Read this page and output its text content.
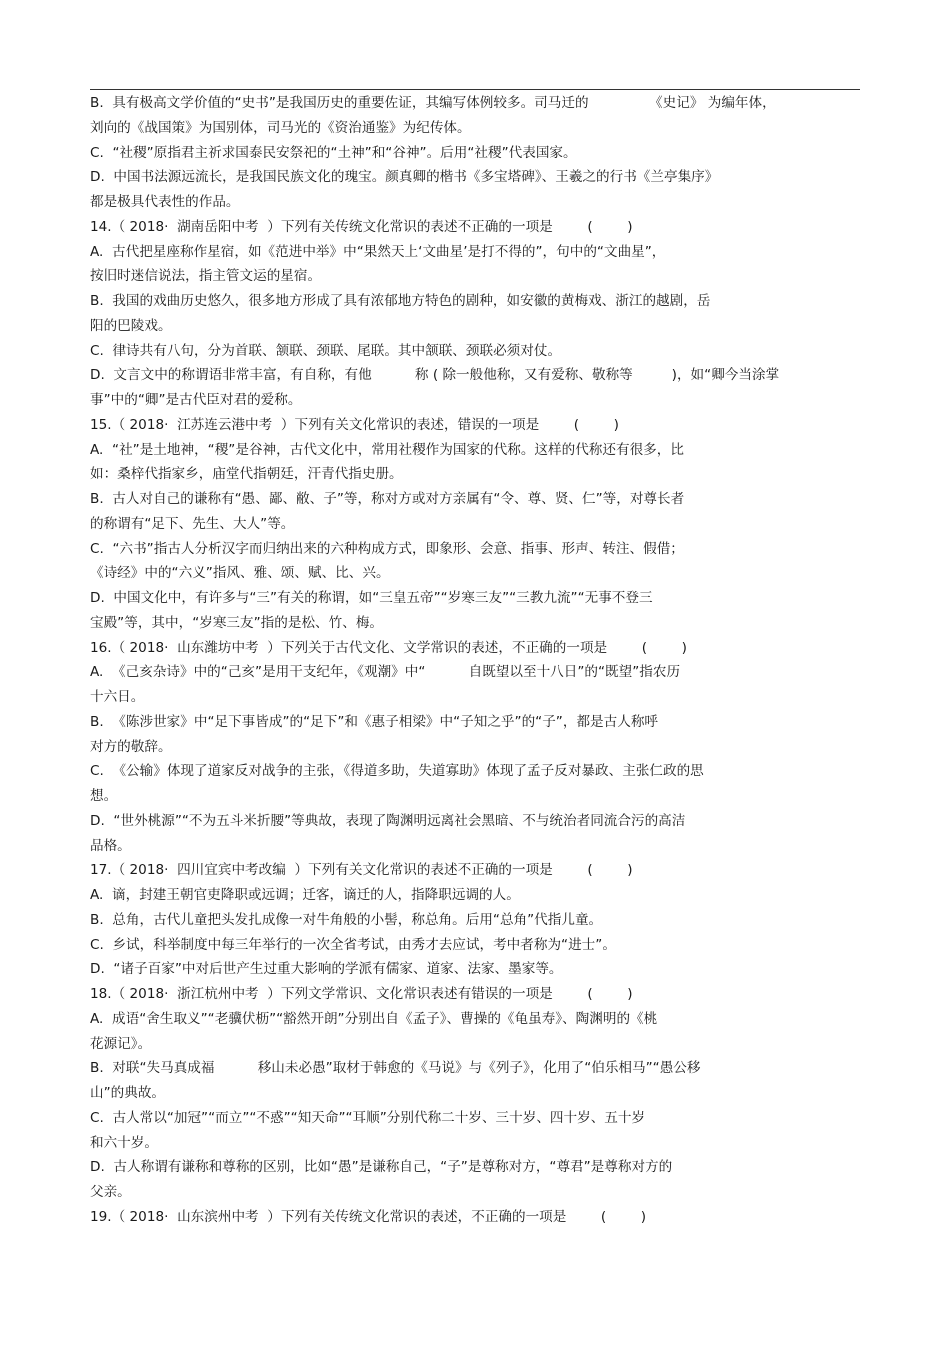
B.  具有极高文学价值的“史书”是我国历史的重要佐证，其编写体例较多。司马迁的              《史记》 为编年体，
刘向的《战国策》为国别体，司马光的《资治通鉴》为纪传体。
C.  “社稷”原指君主祈求国泰民安祭祀的“土神”和“谷神”。后用“社稷”代表国家。
D.  中国书法源远流长，是我国民族文化的瑰宝。颜真卿的楷书《多宝塔碑》、王羲之的行书《兰亭集序》
都是极具代表性的作品。
14.（ 2018·  湖南岳阳中考  ）下列有关传统文化常识的表述不正确的一项是        (        )
A.  古代把星座称作星宿，如《范进中举》中“果然天上‘文曲星’是打不得的”，句中的“文曲星”，
按旧时迷信说法，指主管文运的星宿。
B.  我国的戏曲历史悠久，很多地方形成了具有浓郁地方特色的剧种，如安徽的黄梅戏、浙江的越剧，岳
阳的巴陵戏。
C.  律诗共有八句，分为首联、颔联、颈联、尾联。其中颔联、颈联必须对仗。
D.  文言文中的称谓语非常丰富，有自称，有他          称 ( 除一般他称，又有爱称、敬称等         )，如“卿今当涂掌
事”中的“卿”是古代臣对君的爱称。
15.（ 2018·  江苏连云港中考  ）下列有关文化常识的表述，错误的一项是        (        )
A.  “社”是土地神，“稷”是谷神，古代文化中，常用社稷作为国家的代称。这样的代称还有很多，比
如：桑梓代指家乡，庙堂代指朝廷，汗青代指史册。
B.  古人对自己的谦称有“愚、鄙、敝、子”等，称对方或对方亲属有“令、尊、贤、仁”等，对尊长者
的称谓有“足下、先生、大人”等。
C.  “六书”指古人分析汉字而归纳出来的六种构成方式，即象形、会意、指事、形声、转注、假借；
《诗经》中的“六义”指风、雅、颂、赋、比、兴。
D.  中国文化中，有许多与“三”有关的称谓，如“三皇五帝”“岁寒三友”“三教九流”“无事不登三
宝殿”等，其中，“岁寒三友”指的是松、竹、梅。
16.（ 2018·  山东潍坊中考  ）下列关于古代文化、文学常识的表述，不正确的一项是        (        )
A.  《己亥杂诗》中的“己亥”是用干支纪年，《观潮》中“          自既望以至十八日”的“既望”指农历
十六日。
B.  《陈涉世家》中“足下事皆成”的“足下”和《惠子相梁》中“子知之乎”的“子”，都是古人称呼
对方的敬辞。
C.  《公输》体现了道家反对战争的主张，《得道多助，失道寡助》体现了孟子反对暴政、主张仁政的思
想。
D.  “世外桃源”“不为五斗米折腰”等典故，表现了陶渊明远离社会黑暗、不与统治者同流合污的高洁
品格。
17.（ 2018·  四川宜宾中考改编  ）下列有关文化常识的表述不正确的一项是        (        )
A.  谪，封建王朝官吏降职或远调；迁客，谪迁的人，指降职远调的人。
B.  总角，古代儿童把头发扎成像一对牛角般的小髻，称总角。后用“总角”代指儿童。
C.  乡试，科举制度中每三年举行的一次全省考试，由秀才去应试，考中者称为“进士”。
D.  “诸子百家”中对后世产生过重大影响的学派有儒家、道家、法家、墨家等。
18.（ 2018·  浙江杭州中考  ）下列文学常识、文化常识表述有错误的一项是        (        )
A.  成语“舍生取义”“老骥伏枥”“豁然开朗”分别出自《孟子》、曹操的《龟虽寿》、陶渊明的《桃
花源记》。
B.  对联“失马真成福          移山未必愚”取材于韩愈的《马说》与《列子》，化用了“伯乐相马”“愚公移
山”的典故。
C.  古人常以“加冠”“而立”“不惑”“知天命”“耳顺”分别代称二十岁、三十岁、四十岁、五十岁
和六十岁。
D.  古人称谓有谦称和尊称的区别，比如“愚”是谦称自己，“子”是尊称对方，“尊君”是尊称对方的
父亲。
19.（ 2018·  山东滨州中考  ）下列有关传统文化常识的表述，不正确的一项是        (        )
